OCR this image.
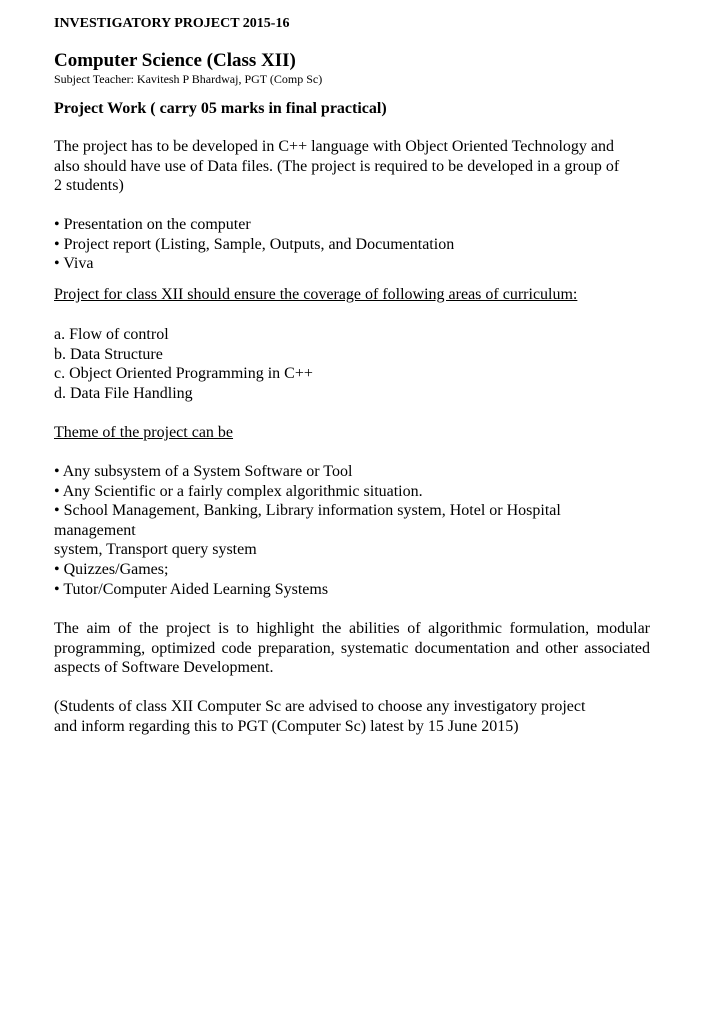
INVESTIGATORY PROJECT 2015-16
Computer Science (Class XII)
Subject Teacher: Kavitesh P Bhardwaj, PGT (Comp Sc)
Project Work ( carry 05 marks in final practical)
The project has to be developed in C++ language with Object Oriented Technology and
also should have use of Data files. (The project is required to be developed in a group of
2 students)
• Presentation on the computer
• Project report (Listing, Sample, Outputs, and Documentation
• Viva
Project for class XII should ensure the coverage of following areas of curriculum:
a. Flow of control
b. Data Structure
c. Object Oriented Programming in C++
d. Data File Handling
Theme of the project can be
• Any subsystem of a System Software or Tool
• Any Scientific or a fairly complex algorithmic situation.
• School Management, Banking, Library information system, Hotel or Hospital
management
system, Transport query system
• Quizzes/Games;
• Tutor/Computer Aided Learning Systems
The aim of the project is to highlight the abilities of algorithmic formulation, modular programming, optimized code preparation, systematic documentation and other associated aspects of Software Development.
(Students of class XII Computer Sc are advised to choose any investigatory project
and inform regarding this to PGT (Computer Sc) latest by 15 June 2015)
